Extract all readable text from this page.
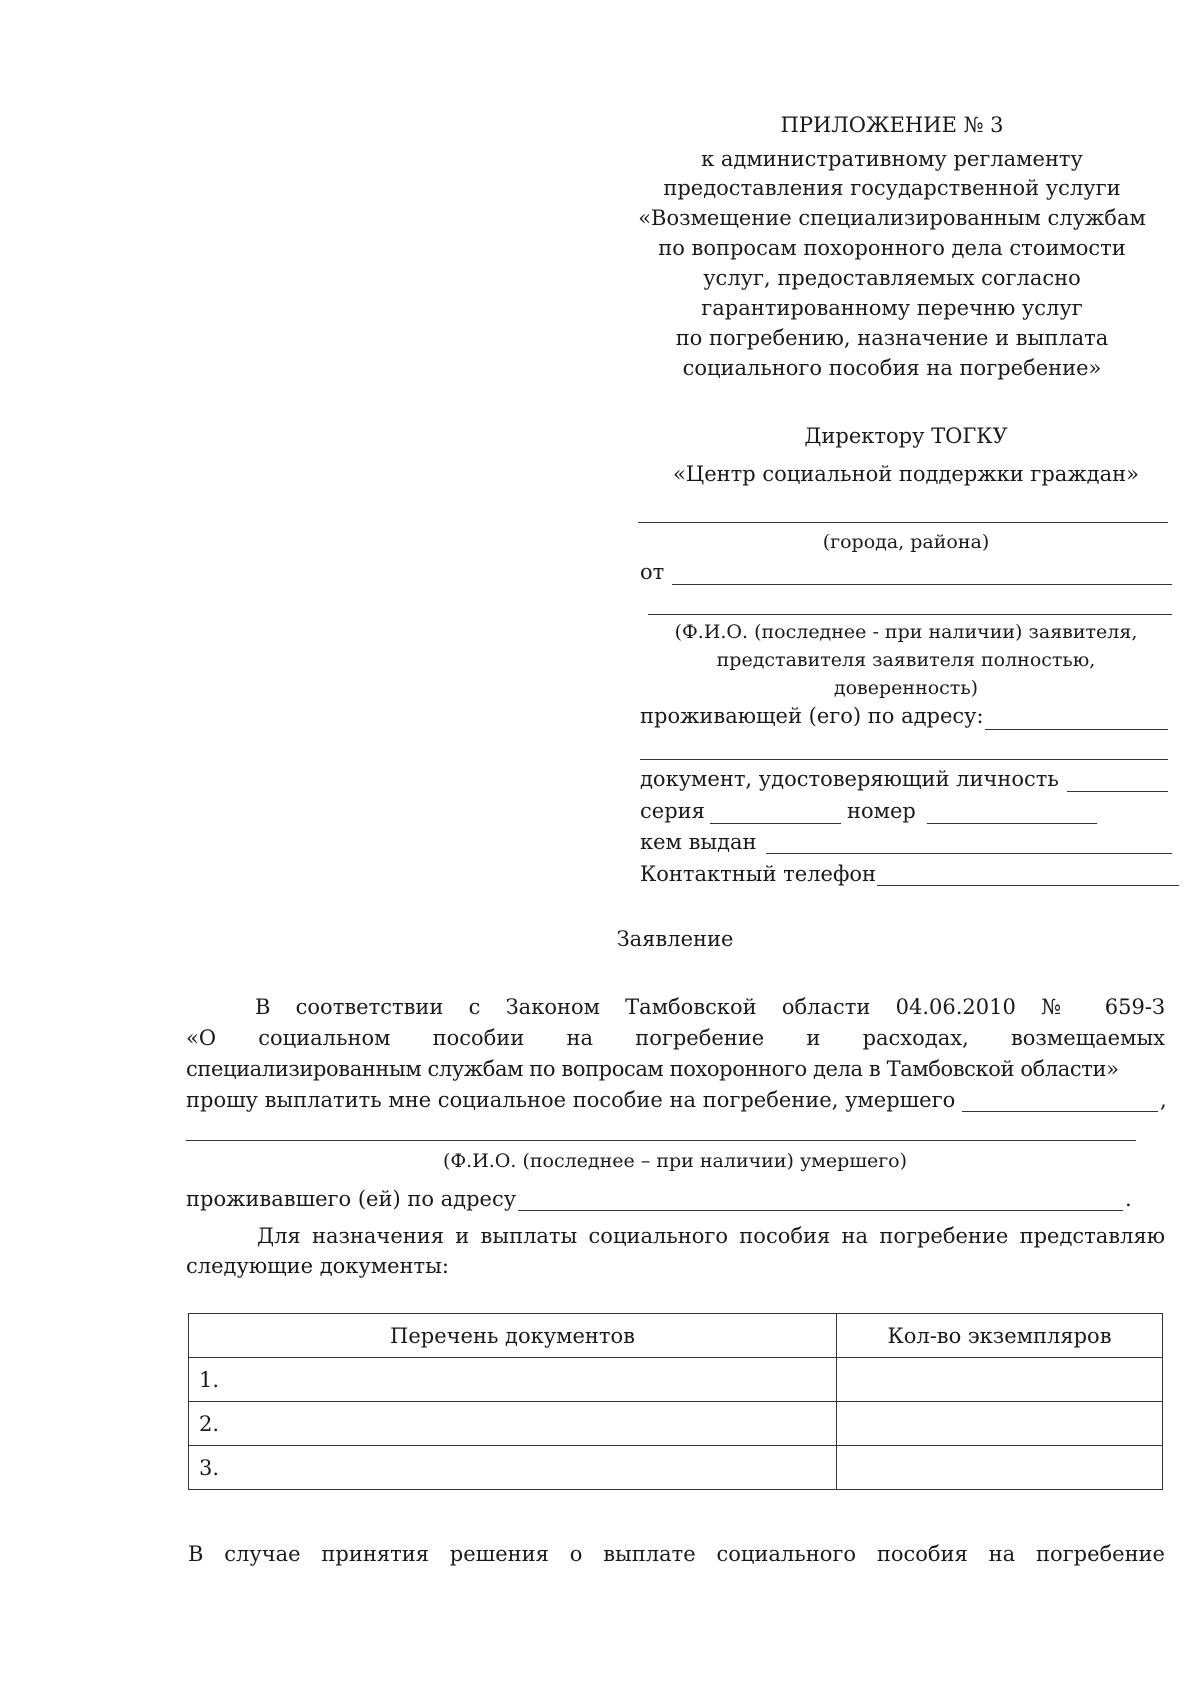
ПРИЛОЖЕНИЕ № 3
к административному регламенту
предоставления государственной услуги
«Возмещение специализированным службам
по вопросам похоронного дела стоимости
услуг, предоставляемых согласно
гарантированному перечню услуг
по погребению, назначение и выплата
социального пособия на погребение»
Директору ТОГКУ
«Центр социальной поддержки граждан»
(города, района)
от
(Ф.И.О. (последнее - при наличии) заявителя,
представителя заявителя полностью,
доверенность)
проживающей (его) по адресу:
документ, удостоверяющий личность
серия	номер
кем выдан
Контактный телефон
Заявление
В соответствии с Законом Тамбовской области 04.06.2010 № 659-З
«О социальном пособии на погребение и расходах, возмещаемых
специализированным службам по вопросам похоронного дела в Тамбовской области»
прошу выплатить мне социальное пособие на погребение, умершего	,
(Ф.И.О. (последнее – при наличии) умершего)
проживавшего (ей) по адресу	.
Для назначения и выплаты социального пособия на погребение представляю
следующие документы:
Перечень документов	Кол-во экземпляров
1.	
2.	
3.	
В случае принятия решения о выплате социального пособия на погребение
